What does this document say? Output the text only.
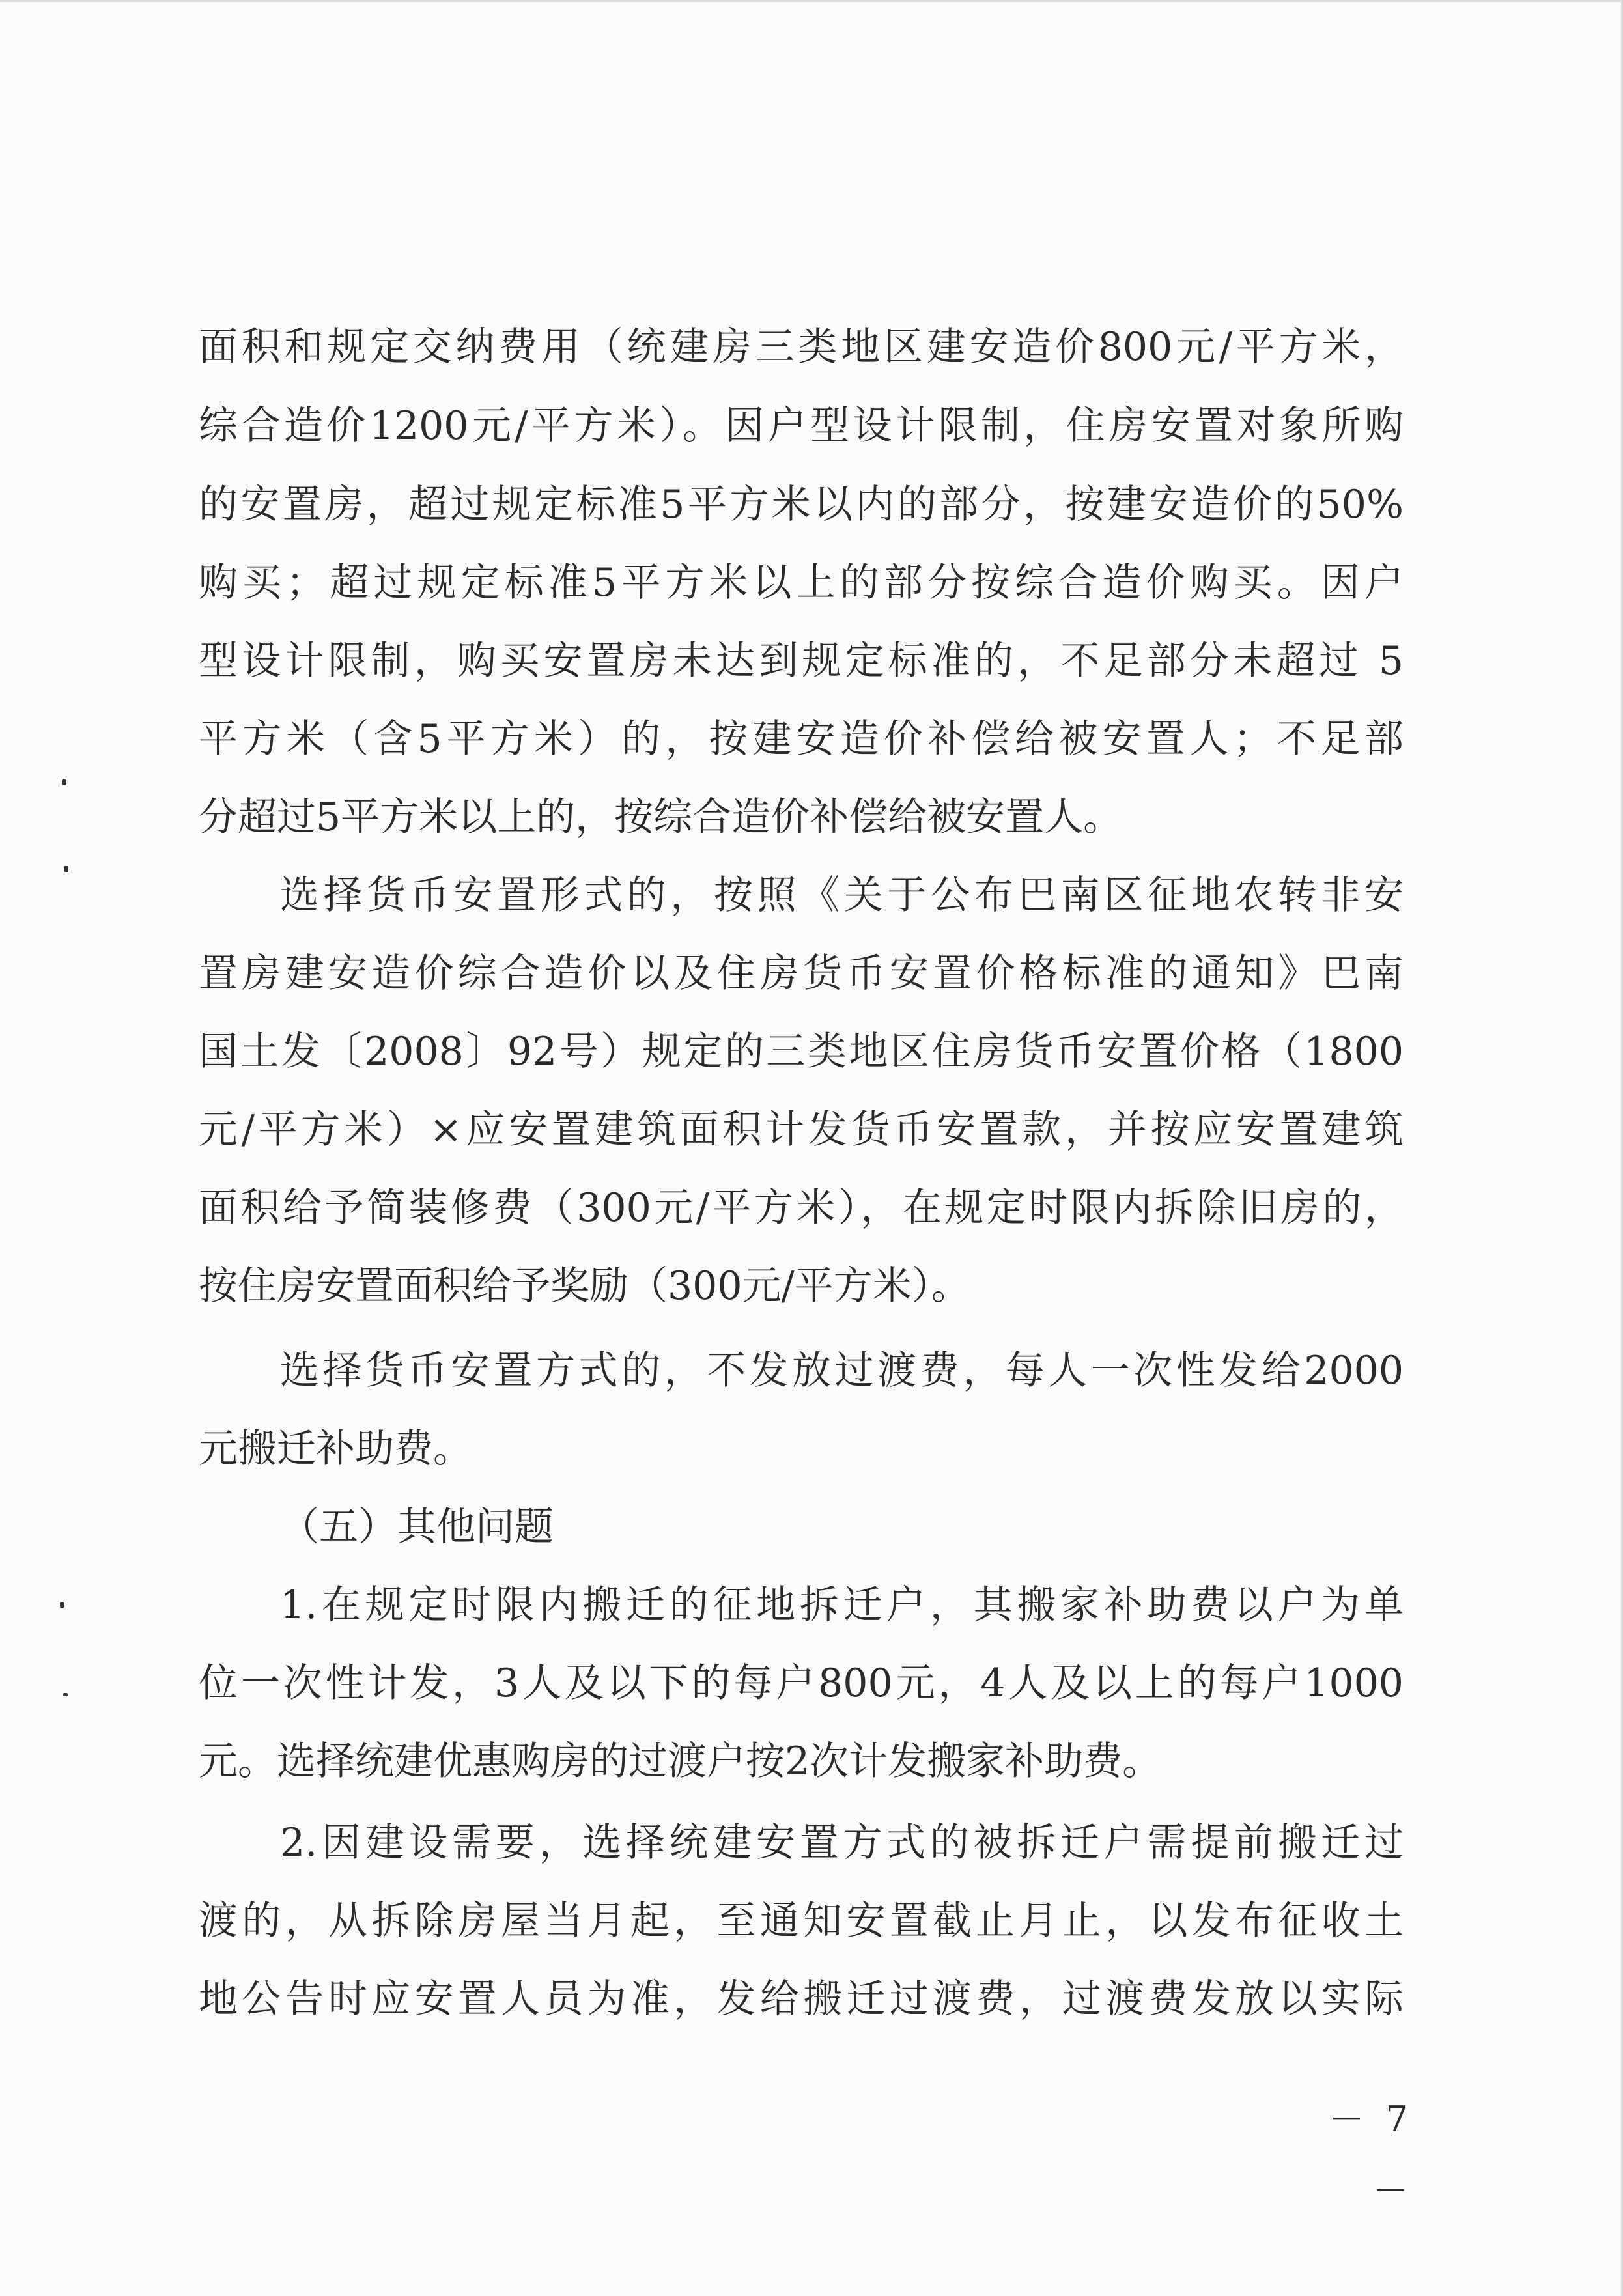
面积和规定交纳费用（统建房三类地区建安造价800元/平方米，
综合造价1200元/平方米）。因户型设计限制，住房安置对象所购
的安置房，超过规定标准5平方米以内的部分，按建安造价的50%
购买；超过规定标准5平方米以上的部分按综合造价购买。因户
型设计限制，购买安置房未达到规定标准的，不足部分未超过 5
平方米（含5平方米）的，按建安造价补偿给被安置人；不足部
分超过5平方米以上的，按综合造价补偿给被安置人。
选择货币安置形式的，按照《关于公布巴南区征地农转非安
置房建安造价综合造价以及住房货币安置价格标准的通知》巴南
国土发〔2008〕92号）规定的三类地区住房货币安置价格（1800
元/平方米）×应安置建筑面积计发货币安置款，并按应安置建筑
面积给予简装修费（300元/平方米），在规定时限内拆除旧房的，
按住房安置面积给予奖励（300元/平方米）。
选择货币安置方式的，不发放过渡费，每人一次性发给2000
元搬迁补助费。
（五）其他问题
1.在规定时限内搬迁的征地拆迁户，其搬家补助费以户为单
位一次性计发，3人及以下的每户800元，4人及以上的每户1000
元。选择统建优惠购房的过渡户按2次计发搬家补助费。
2.因建设需要，选择统建安置方式的被拆迁户需提前搬迁过
渡的，从拆除房屋当月起，至通知安置截止月止，以发布征收土
地公告时应安置人员为准，发给搬迁过渡费，过渡费发放以实际
－ 7 －
